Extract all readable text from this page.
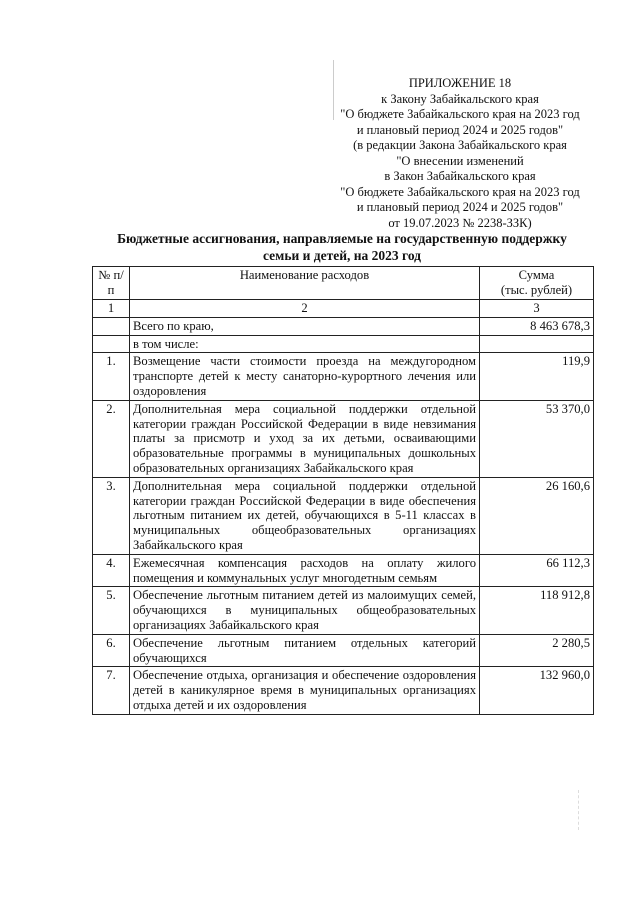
ПРИЛОЖЕНИЕ 18
к Закону Забайкальского края
"О бюджете Забайкальского края на 2023 год
и плановый период 2024 и 2025 годов"
(в редакции Закона Забайкальского края
"О внесении изменений
в Закон Забайкальского края
"О бюджете Забайкальского края на 2023 год
и плановый период 2024 и 2025 годов"
от 19.07.2023 № 2238-ЗЗК)
Бюджетные ассигнования, направляемые на государственную поддержку
семьи и детей, на 2023 год
№ п/п	Наименование расходов	Сумма
(тыс. рублей)

1	2	3
	Всего по краю,	8 463 678,3
	в том числе:	
1.	Возмещение части стоимости проезда на междугородном транспорте детей к месту санаторно-курортного лечения или оздоровления	119,9
2.	Дополнительная мера социальной поддержки отдельной категории граждан Российской Федерации в виде невзимания платы за присмотр и уход за их детьми, осваивающими образовательные программы в муниципальных дошкольных образовательных организациях Забайкальского края	53 370,0
3.	Дополнительная мера социальной поддержки отдельной категории граждан Российской Федерации в виде обеспечения льготным питанием их детей, обучающихся в 5-11 классах в муниципальных общеобразовательных организациях Забайкальского края	26 160,6
4.	Ежемесячная компенсация расходов на оплату жилого помещения и коммунальных услуг многодетным семьям	66 112,3
5.	Обеспечение льготным питанием детей из малоимущих семей, обучающихся в муниципальных общеобразовательных организациях Забайкальского края	118 912,8
6.	Обеспечение льготным питанием отдельных категорий обучающихся	2 280,5
7.	Обеспечение отдыха, организация и обеспечение оздоровления детей в каникулярное время в муниципальных организациях отдыха детей и их оздоровления	132 960,0
